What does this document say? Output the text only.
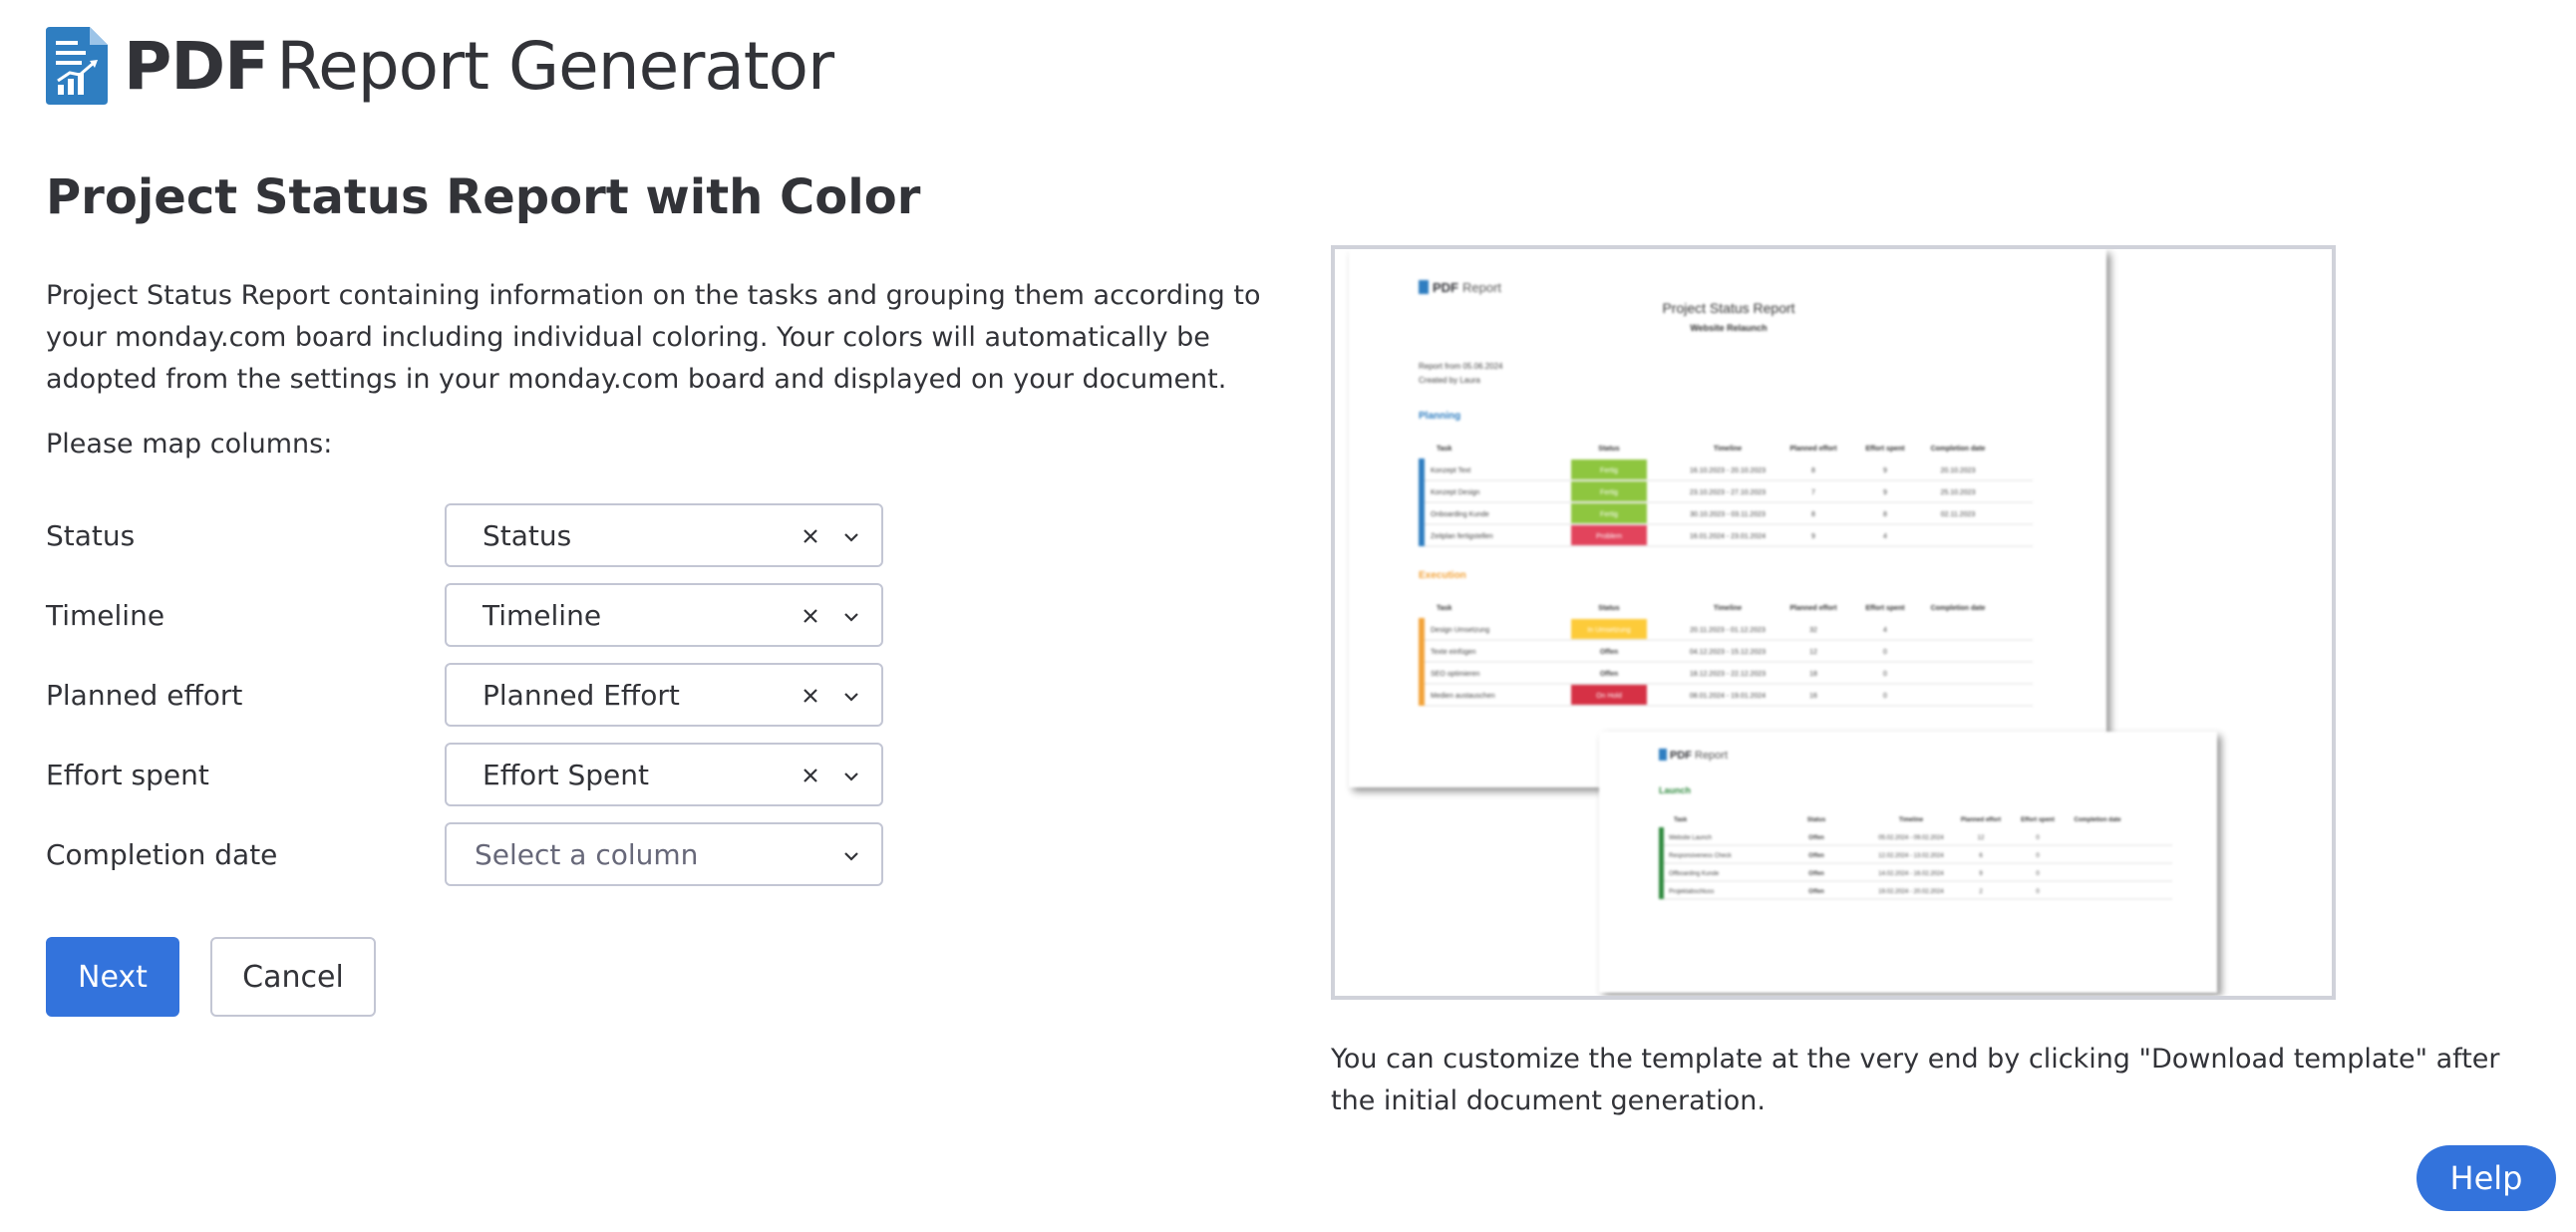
PDF Report Generator
Project Status Report with Color

Project Status Report containing information on the tasks and grouping them according to your monday.com board including individual coloring. Your colors will automatically be adopted from the settings in your monday.com board and displayed on your document.

Please map columns:
Status	Status
Timeline	Timeline
Planned effort	Planned Effort
Effort spent	Effort Spent
Completion date	Select a column
Next	Cancel
PDF Report
Project Status Report
Website Relaunch
Report from 05.06.2024
Created by Laura
Planning
Task	Status	Timeline	Planned effort	Effort spent	Completion date
Konzept Text	Fertig	16.10.2023 - 20.10.2023	8	9	20.10.2023
Konzept Design	Fertig	23.10.2023 - 27.10.2023	7	9	25.10.2023
Onboarding Kunde	Fertig	30.10.2023 - 03.11.2023	8	8	02.11.2023
Zeitplan fertigstellen	Problem	16.01.2024 - 23.01.2024	9	4
Execution
Task	Status	Timeline	Planned effort	Effort spent	Completion date
Design Umsetzung	In Umsetzung	20.11.2023 - 01.12.2023	32	4
Texte einfügen	Offen	04.12.2023 - 15.12.2023	12	0
SEO optimieren	Offen	18.12.2023 - 22.12.2023	18	0
Medien austauschen	On Hold	08.01.2024 - 19.01.2024	16	0
PDF Report
Launch
Task	Status	Timeline	Planned effort	Effort spent	Completion date
Website Launch	Offen	05.02.2024 - 09.02.2024	12	0
Responsiveness Check	Offen	12.02.2024 - 13.02.2024	6	0
Offboarding Kunde	Offen	14.02.2024 - 16.02.2024	9	0
Projektabschluss	Offen	19.02.2024 - 20.02.2024	2	0

You can customize the template at the very end by clicking "Download template" after the initial document generation.

Help
